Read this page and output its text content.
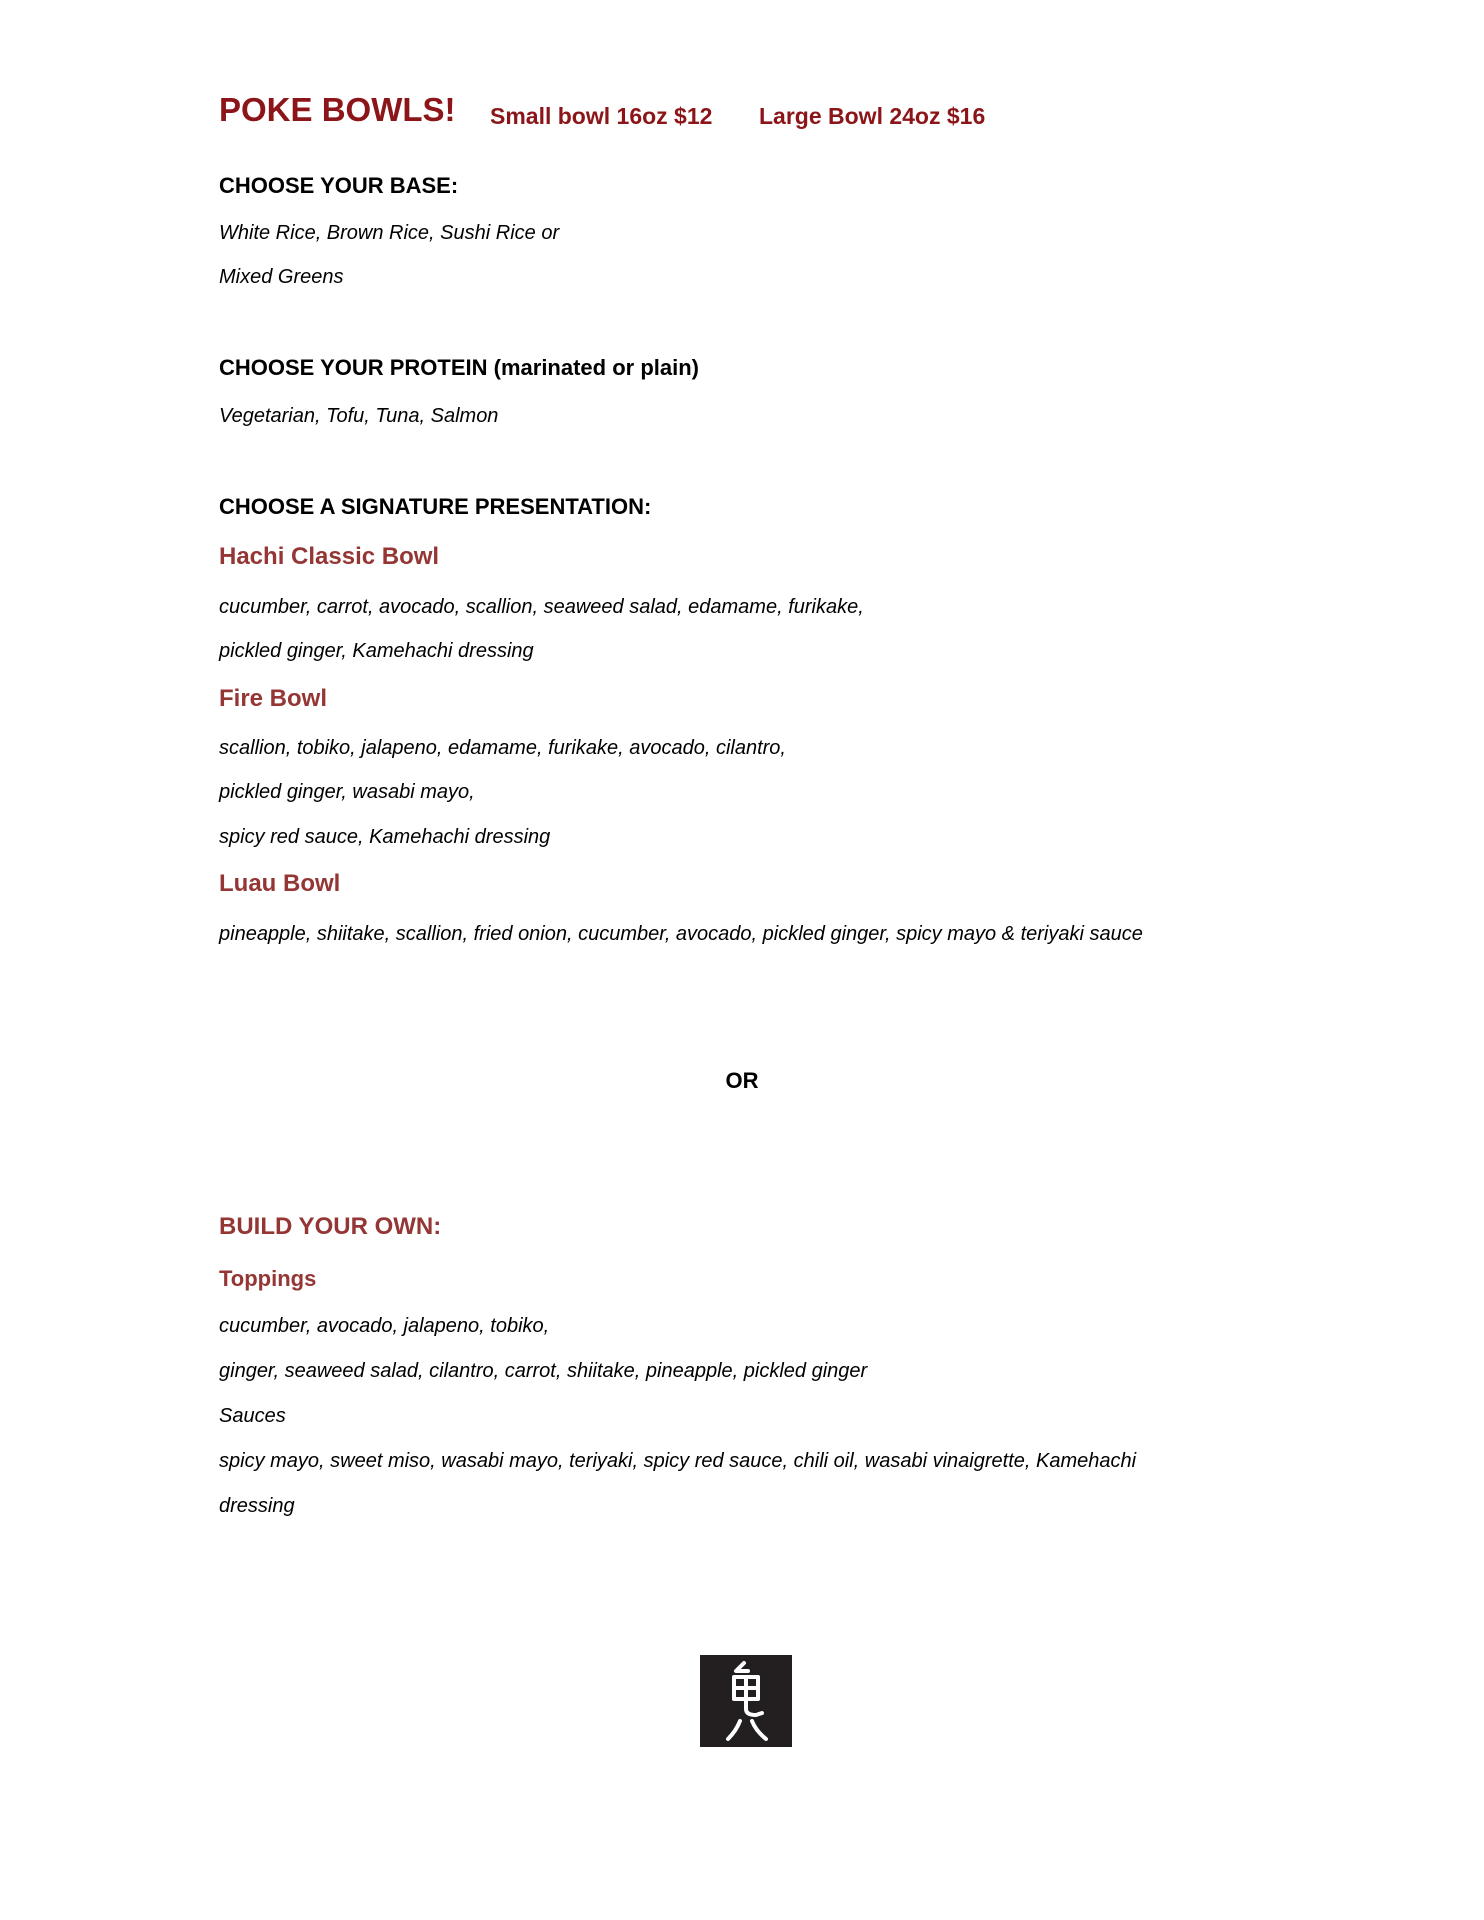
POKE BOWLS! Small bowl 16oz $12 Large Bowl 24oz $16
CHOOSE YOUR BASE:
White Rice, Brown Rice, Sushi Rice or
Mixed Greens
CHOOSE YOUR PROTEIN (marinated or plain)
Vegetarian, Tofu, Tuna, Salmon
CHOOSE A SIGNATURE PRESENTATION:
Hachi Classic Bowl
cucumber, carrot, avocado, scallion, seaweed salad, edamame, furikake,
pickled ginger, Kamehachi dressing
Fire Bowl
scallion, tobiko, jalapeno, edamame, furikake, avocado, cilantro,
pickled ginger, wasabi mayo,
spicy red sauce, Kamehachi dressing
Luau Bowl
pineapple, shiitake, scallion, fried onion, cucumber, avocado, pickled ginger, spicy mayo & teriyaki sauce
OR
BUILD YOUR OWN:
Toppings
cucumber, avocado, jalapeno, tobiko,
ginger, seaweed salad, cilantro, carrot, shiitake, pineapple, pickled ginger
Sauces
spicy mayo, sweet miso, wasabi mayo, teriyaki, spicy red sauce, chili oil, wasabi vinaigrette, Kamehachi
dressing
